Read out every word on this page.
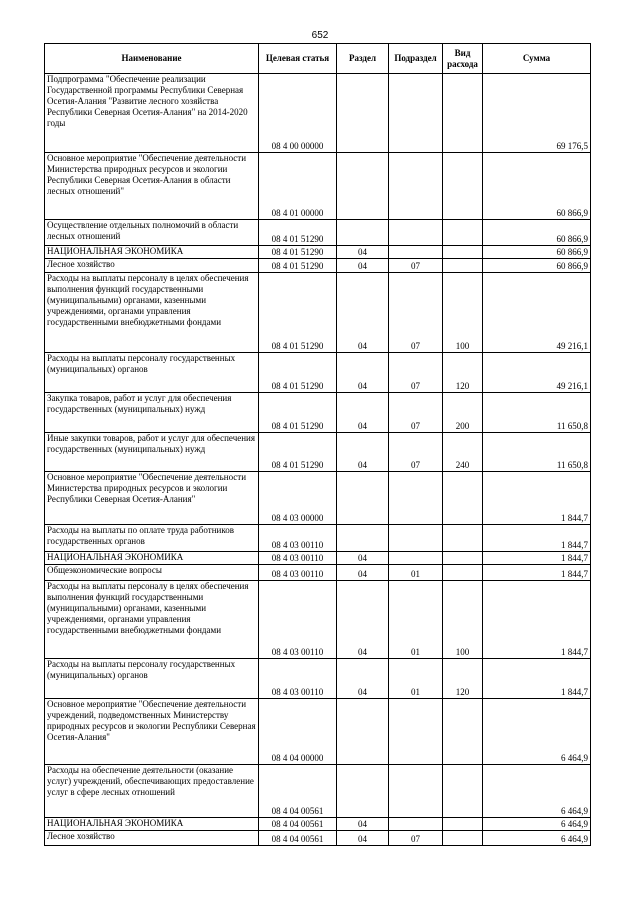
652
Наименование	Целевая статья	Раздел	Подраздел	Вид расхода	Сумма
Подпрограмма "Обеспечение реализации Государственной программы Республики Северная Осетия-Алания "Развитие лесного хозяйства Республики Северная Осетия-Алания" на 2014-2020 годы	08 4 00 00000				69 176,5
Основное мероприятие "Обеспечение деятельности Министерства природных ресурсов и экологии Республики Северная Осетия-Алания в области лесных отношений"	08 4 01 00000				60 866,9
Осуществление отдельных полномочий в области лесных отношений	08 4 01 51290				60 866,9
НАЦИОНАЛЬНАЯ ЭКОНОМИКА	08 4 01 51290	04			60 866,9
Лесное хозяйство	08 4 01 51290	04	07		60 866,9
Расходы на выплаты персоналу в целях обеспечения выполнения функций государственными (муниципальными) органами, казенными учреждениями, органами управления государственными внебюджетными фондами	08 4 01 51290	04	07	100	49 216,1
Расходы на выплаты персоналу государственных (муниципальных) органов	08 4 01 51290	04	07	120	49 216,1
Закупка товаров, работ и услуг для обеспечения государственных (муниципальных) нужд	08 4 01 51290	04	07	200	11 650,8
Иные закупки товаров, работ и услуг для обеспечения государственных (муниципальных) нужд	08 4 01 51290	04	07	240	11 650,8
Основное мероприятие "Обеспечение деятельности Министерства природных ресурсов и экологии Республики Северная Осетия-Алания"	08 4 03 00000				1 844,7
Расходы на выплаты по оплате труда работников государственных органов	08 4 03 00110				1 844,7
НАЦИОНАЛЬНАЯ ЭКОНОМИКА	08 4 03 00110	04			1 844,7
Общеэкономические вопросы	08 4 03 00110	04	01		1 844,7
Расходы на выплаты персоналу в целях обеспечения выполнения функций государственными (муниципальными) органами, казенными учреждениями, органами управления государственными внебюджетными фондами	08 4 03 00110	04	01	100	1 844,7
Расходы на выплаты персоналу государственных (муниципальных) органов	08 4 03 00110	04	01	120	1 844,7
Основное мероприятие "Обеспечение деятельности учреждений, подведомственных Министерству природных ресурсов и экологии Республики Северная Осетия-Алания"	08 4 04 00000				6 464,9
Расходы на обеспечение деятельности (оказание услуг) учреждений, обеспечивающих предоставление услуг в сфере лесных отношений	08 4 04 00561				6 464,9
НАЦИОНАЛЬНАЯ ЭКОНОМИКА	08 4 04 00561	04			6 464,9
Лесное хозяйство	08 4 04 00561	04	07		6 464,9
